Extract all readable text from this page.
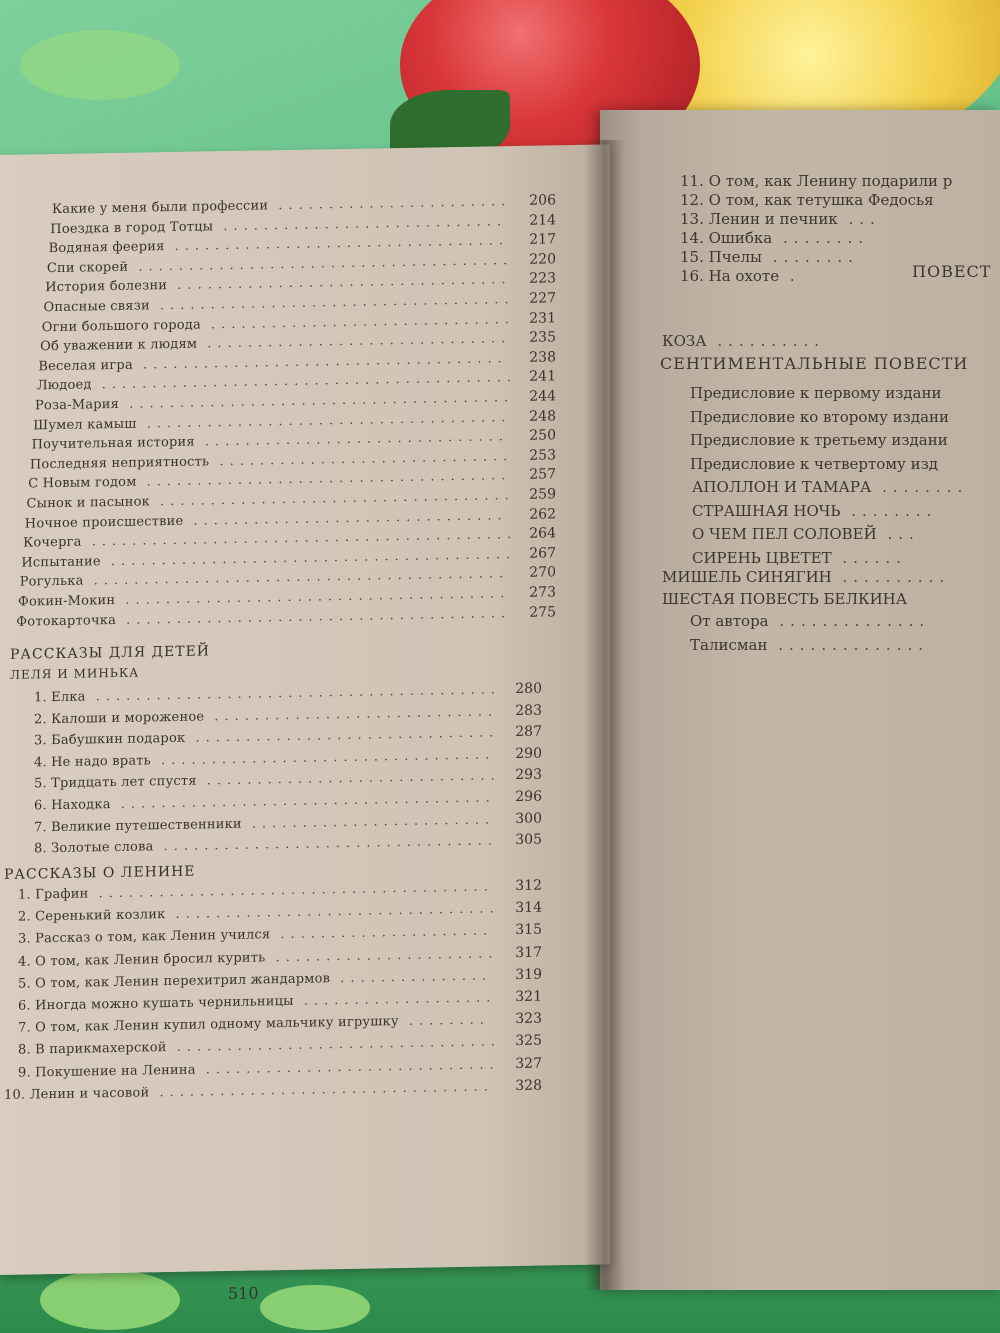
11. О том, как Ленину подарили р
12. О том, как тетушка Федосья
13. Ленин и печник ...
14. Ошибка ........
15. Пчелы ........
16. На охоте .	ПОВЕСТ
КОЗА ..........
СЕНТИМЕНТАЛЬНЫЕ ПОВЕСТИ
Предисловие к первому издани
Предисловие ко второму издани
Предисловие к третьему издани
Предисловие к четвертому изд
АПОЛЛОН И ТАМАРА ........
СТРАШНАЯ НОЧЬ ........
О ЧЕМ ПЕЛ СОЛОВЕЙ ...
СИРЕНЬ ЦВЕТЕТ ......
МИШЕЛЬ СИНЯГИН ..........
ШЕСТАЯ ПОВЕСТЬ БЕЛКИНА
От автора ..............
Талисман ..............
Какие у меня были профессии .......................	206
Поездка в город Тотцы ............................	214
Водяная феерия .................................	217
Спи скорей .....................................	220
История болезни .................................	223
Опасные связи ...................................	227
Огни большого города ..............................	231
Об уважении к людям ..............................	235
Веселая игра ....................................	238
Людоед ......................................... 241
Роза-Мария ......................................	244
Шумел камыш ....................................	248
Поучительная история ..............................	250
Последняя неприятность .............................	253
С Новым годом ....................................	257
Сынок и пасынок ...................................	259
Ночное происшествие ...............................	262
Кочерга .......................................... 264
Испытание ........................................ 267
Рогулька .........................................	270
Фокин-Мокин ......................................	273
Фотокарточка ......................................	275
РАССКАЗЫ ДЛЯ ДЕТЕЙ
ЛЕЛЯ И МИНЬКА
1. Елка ........................................	280
2. Калоши и мороженое ............................	283
3. Бабушкин подарок ..............................	287
4. Не надо врать .................................	290
5. Тридцать лет спустя .............................	293
6. Находка .....................................	296
7. Великие путешественники ........................	300
8. Золотые слова .................................	305
РАССКАЗЫ О ЛЕНИНЕ
1. Графин .......................................	312
2. Серенький козлик ................................	314
3. Рассказ о том, как Ленин учился .....................	315
4. О том, как Ленин бросил курить ......................	317
5. О том, как Ленин перехитрил жандармов ...............	319
6. Иногда можно кушать чернильницы ...................	321
7. О том, как Ленин купил одному мальчику игрушку ........	323
8. В парикмахерской ................................	325
9. Покушение на Ленина .............................	327
10. Ленин и часовой .................................	328
510
